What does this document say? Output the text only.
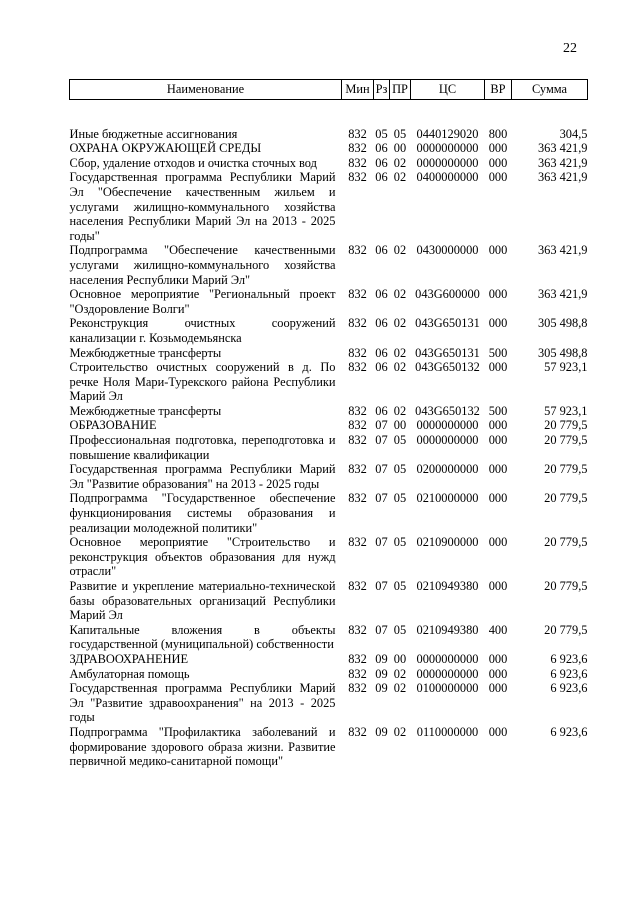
22
Наименование	Мин	Рз	ПР	ЦС	ВР	Сумма
Иные бюджетные ассигнования	832	05	05	0440129020	800	304,5
ОХРАНА ОКРУЖАЮЩЕЙ СРЕДЫ	832	06	00	0000000000	000	363 421,9
Сбор, удаление отходов и очистка сточных вод	832	06	02	0000000000	000	363 421,9
Государственная программа Республики Марий Эл "Обеспечение качественным жильем и услугами жилищно-коммунального хозяйства населения Республики Марий Эл на 2013 - 2025 годы"	832	06	02	0400000000	000	363 421,9
Подпрограмма "Обеспечение качественными услугами жилищно-коммунального хозяйства населения Республики Марий Эл"	832	06	02	0430000000	000	363 421,9
Основное мероприятие "Региональный проект "Оздоровление Волги"	832	06	02	043G600000	000	363 421,9
Реконструкция очистных сооружений канализации г. Козьмодемьянска	832	06	02	043G650131	000	305 498,8
Межбюджетные трансферты	832	06	02	043G650131	500	305 498,8
Строительство очистных сооружений в д. По речке Ноля Мари-Турекского района Республики Марий Эл	832	06	02	043G650132	000	57 923,1
Межбюджетные трансферты	832	06	02	043G650132	500	57 923,1
ОБРАЗОВАНИЕ	832	07	00	0000000000	000	20 779,5
Профессиональная подготовка, переподготовка и повышение квалификации	832	07	05	0000000000	000	20 779,5
Государственная программа Республики Марий Эл "Развитие образования" на 2013 - 2025 годы	832	07	05	0200000000	000	20 779,5
Подпрограмма "Государственное обеспечение функционирования системы образования и реализации молодежной политики"	832	07	05	0210000000	000	20 779,5
Основное мероприятие "Строительство и реконструкция объектов образования для нужд отрасли"	832	07	05	0210900000	000	20 779,5
Развитие и укрепление материально-технической базы образовательных организаций Республики Марий Эл	832	07	05	0210949380	000	20 779,5
Капитальные вложения в объекты государственной (муниципальной) собственности	832	07	05	0210949380	400	20 779,5
ЗДРАВООХРАНЕНИЕ	832	09	00	0000000000	000	6 923,6
Амбулаторная помощь	832	09	02	0000000000	000	6 923,6
Государственная программа Республики Марий Эл "Развитие здравоохранения" на 2013 - 2025 годы	832	09	02	0100000000	000	6 923,6
Подпрограмма "Профилактика заболеваний и формирование здорового образа жизни. Развитие первичной медико-санитарной помощи"	832	09	02	0110000000	000	6 923,6
